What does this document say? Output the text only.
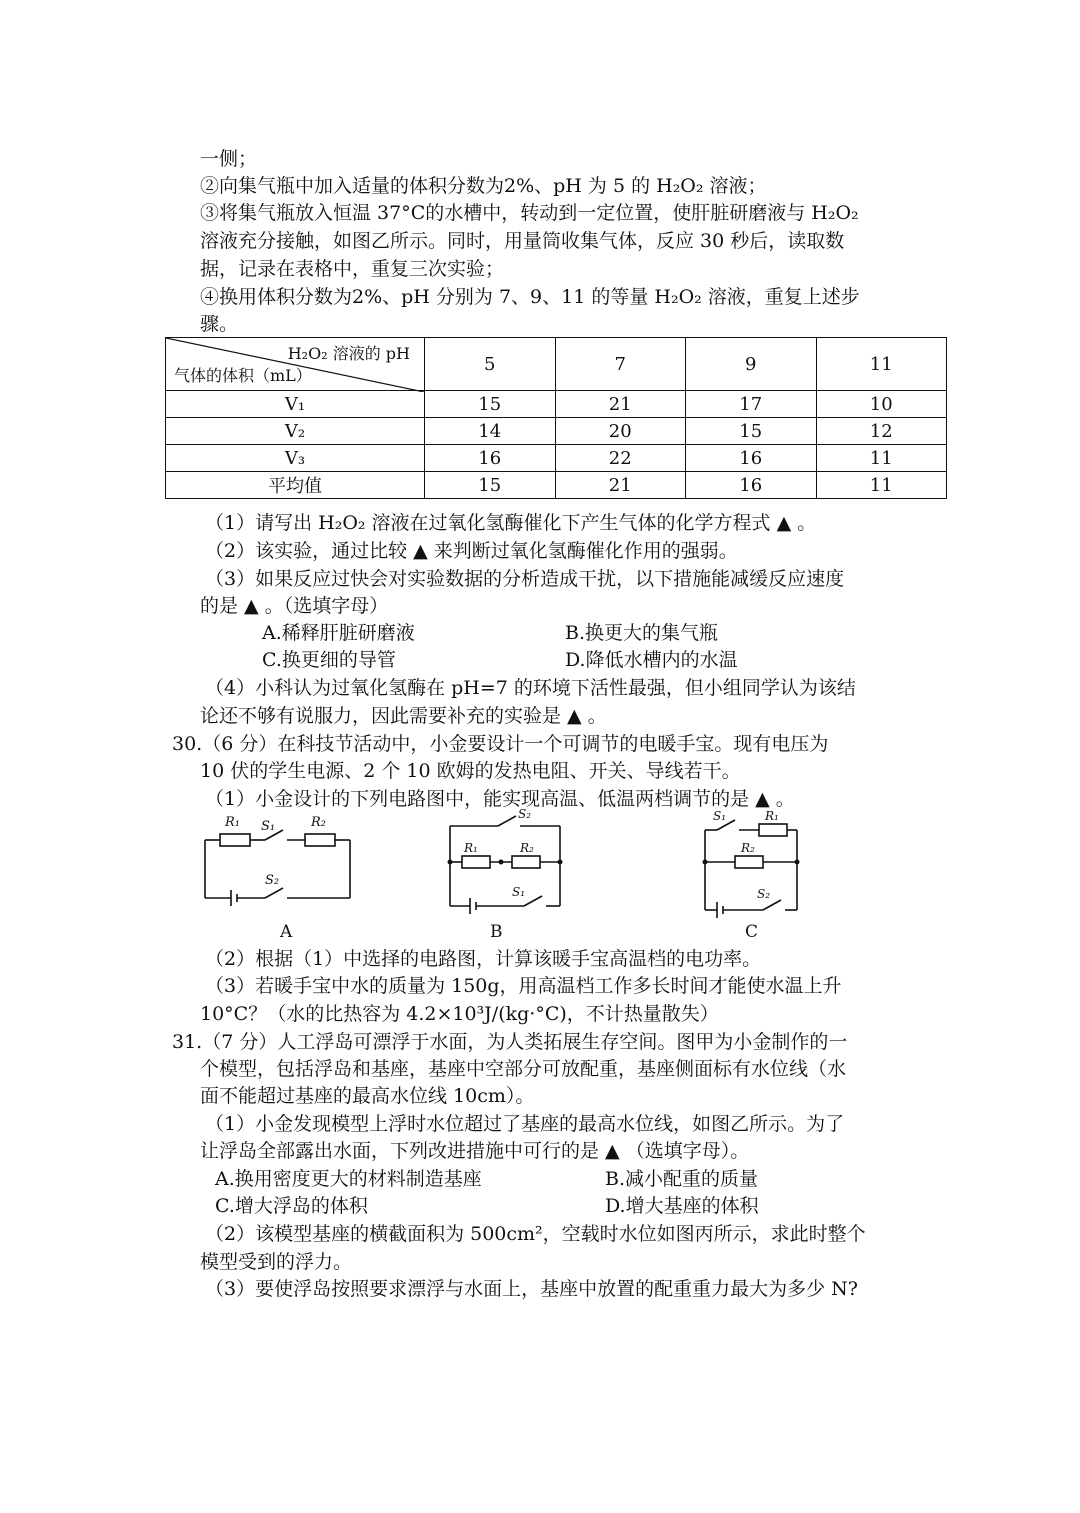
一侧；
②向集气瓶中加入适量的体积分数为2%、pH 为 5 的 H₂O₂ 溶液；
③将集气瓶放入恒温 37°C的水槽中，转动到一定位置，使肝脏研磨液与 H₂O₂
溶液充分接触，如图乙所示。同时，用量筒收集气体，反应 30 秒后，读取数
据，记录在表格中，重复三次实验；
④换用体积分数为2%、pH 分别为 7、9、11 的等量 H₂O₂ 溶液，重复上述步
骤。
H₂O₂ 溶液的 pH
气体的体积（mL）	5	7	9	11
V₁	15	21	17	10
V₂	14	20	15	12
V₃	16	22	16	11
平均值	15	21	16	11
（1）请写出 H₂O₂ 溶液在过氧化氢酶催化下产生气体的化学方程式 ▲ 。
（2）该实验，通过比较 ▲ 来判断过氧化氢酶催化作用的强弱。
（3）如果反应过快会对实验数据的分析造成干扰，以下措施能减缓反应速度
的是 ▲ 。（选填字母）
A.稀释肝脏研磨液	B.换更大的集气瓶
C.换更细的导管	D.降低水槽内的水温
（4）小科认为过氧化氢酶在 pH=7 的环境下活性最强，但小组同学认为该结
论还不够有说服力，因此需要补充的实验是 ▲ 。
30.（6 分）在科技节活动中，小金要设计一个可调节的电暖手宝。现有电压为
10 伏的学生电源、2 个 10 欧姆的发热电阻、开关、导线若干。
（1）小金设计的下列电路图中，能实现高温、低温两档调节的是 ▲ 。
R₁ S₁	R₂
S₂
S₂
R₁	R₂
S₁
S₁	R₁
R₂
S₂
A	B	C
（2）根据（1）中选择的电路图，计算该暖手宝高温档的电功率。
（3）若暖手宝中水的质量为 150g，用高温档工作多长时间才能使水温上升
10°C？（水的比热容为 4.2×10³J/(kg·°C)，不计热量散失）
31.（7 分）人工浮岛可漂浮于水面，为人类拓展生存空间。图甲为小金制作的一
个模型，包括浮岛和基座，基座中空部分可放配重，基座侧面标有水位线（水
面不能超过基座的最高水位线 10cm）。
（1）小金发现模型上浮时水位超过了基座的最高水位线，如图乙所示。为了
让浮岛全部露出水面，下列改进措施中可行的是 ▲ （选填字母）。
A.换用密度更大的材料制造基座	B.减小配重的质量
C.增大浮岛的体积	D.增大基座的体积
（2）该模型基座的横截面积为 500cm²，空载时水位如图丙所示，求此时整个
模型受到的浮力。
（3）要使浮岛按照要求漂浮与水面上，基座中放置的配重重力最大为多少 N?
